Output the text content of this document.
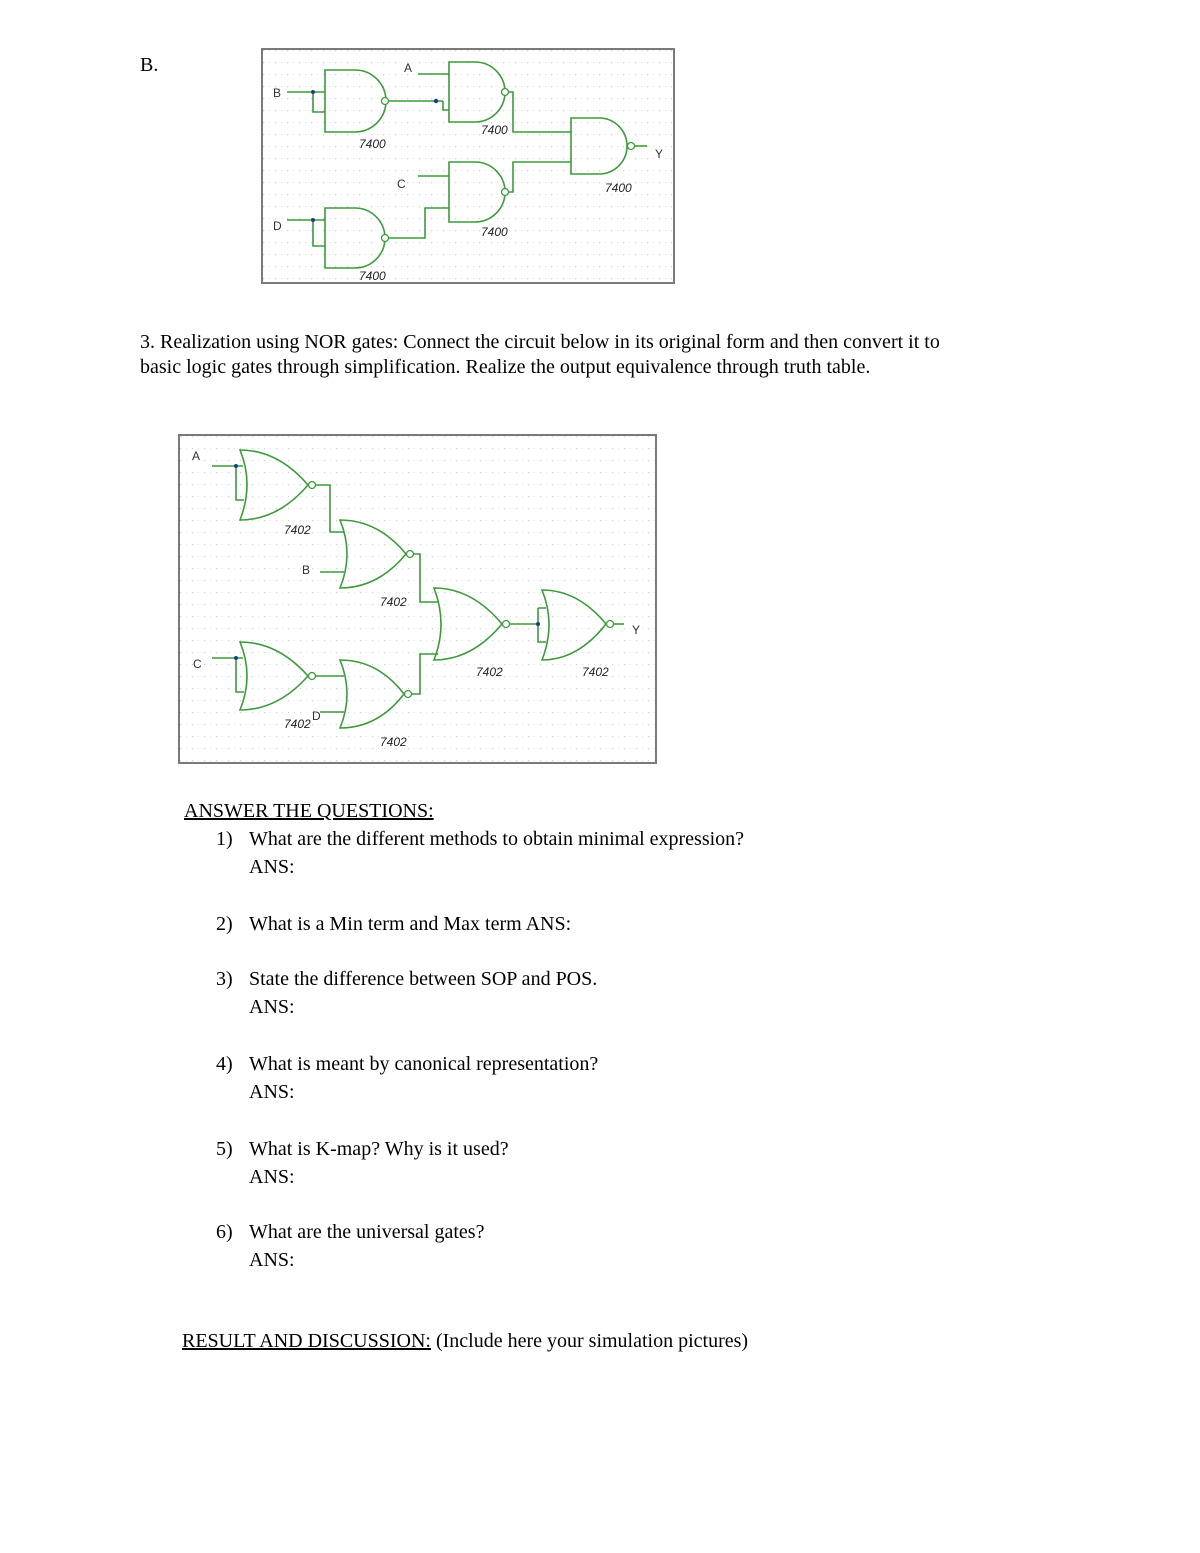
B.
B
7400
A
7400
C
7400
D
7400
Y
7400
3. Realization using NOR gates: Connect the circuit below in its original form and then convert it to
basic logic gates through simplification. Realize the output equivalence through truth table.
A
7402
B
7402
C
7402
D
7402
7402
Y
7402
ANSWER THE QUESTIONS:
1) What are the different methods to obtain minimal expression?
ANS:
2) What is a Min term and Max term ANS:
3) State the difference between SOP and POS.
ANS:
4) What is meant by canonical representation?
ANS:
5) What is K-map? Why is it used?
ANS:
6) What are the universal gates?
ANS:
RESULT AND DISCUSSION: (Include here your simulation pictures)
